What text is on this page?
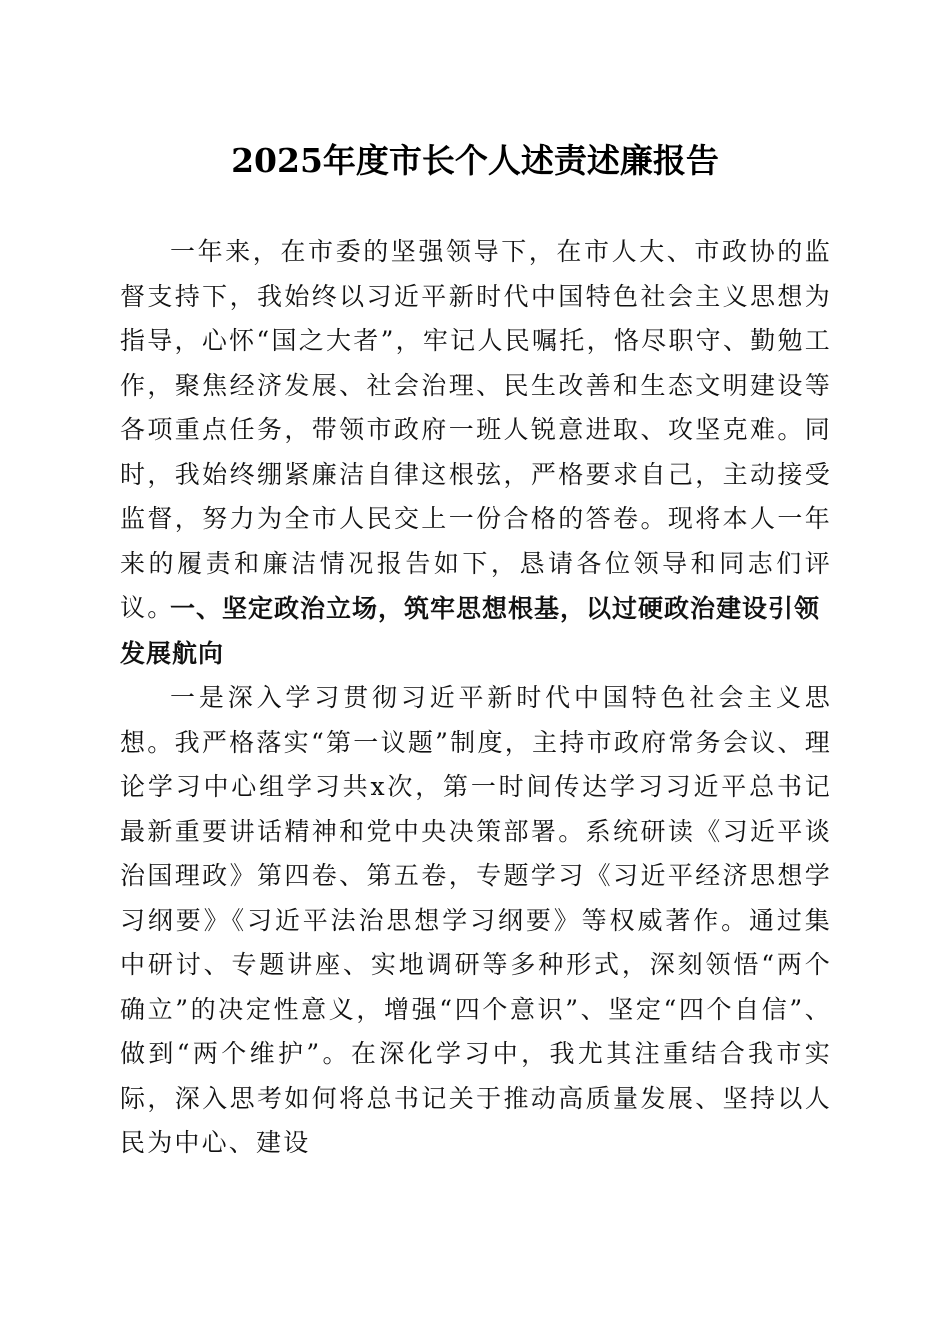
2025年度市长个人述责述廉报告

一年来，在市委的坚强领导下，在市人大、市政协的监督支持下，我始终以习近平新时代中国特色社会主义思想为指导，心怀“国之大者”，牢记人民嘱托，恪尽职守、勤勉工作，聚焦经济发展、社会治理、民生改善和生态文明建设等各项重点任务，带领市政府一班人锐意进取、攻坚克难。同时，我始终绷紧廉洁自律这根弦，严格要求自己，主动接受监督，努力为全市人民交上一份合格的答卷。现将本人一年来的履责和廉洁情况报告如下，恳请各位领导和同志们评议。

一、坚定政治立场，筑牢思想根基，以过硬政治建设引领发展航向

一是深入学习贯彻习近平新时代中国特色社会主义思想。我严格落实“第一议题”制度，主持市政府常务会议、理论学习中心组学习共x次，第一时间传达学习习近平总书记最新重要讲话精神和党中央决策部署。系统研读《习近平谈治国理政》第四卷、第五卷，专题学习《习近平经济思想学习纲要》《习近平法治思想学习纲要》等权威著作。通过集中研讨、专题讲座、实地调研等多种形式，深刻领悟“两个确立”的决定性意义，增强“四个意识”、坚定“四个自信”、做到“两个维护”。在深化学习中，我尤其注重结合我市实际，深入思考如何将总书记关于推动高质量发展、坚持以人民为中心、建设
